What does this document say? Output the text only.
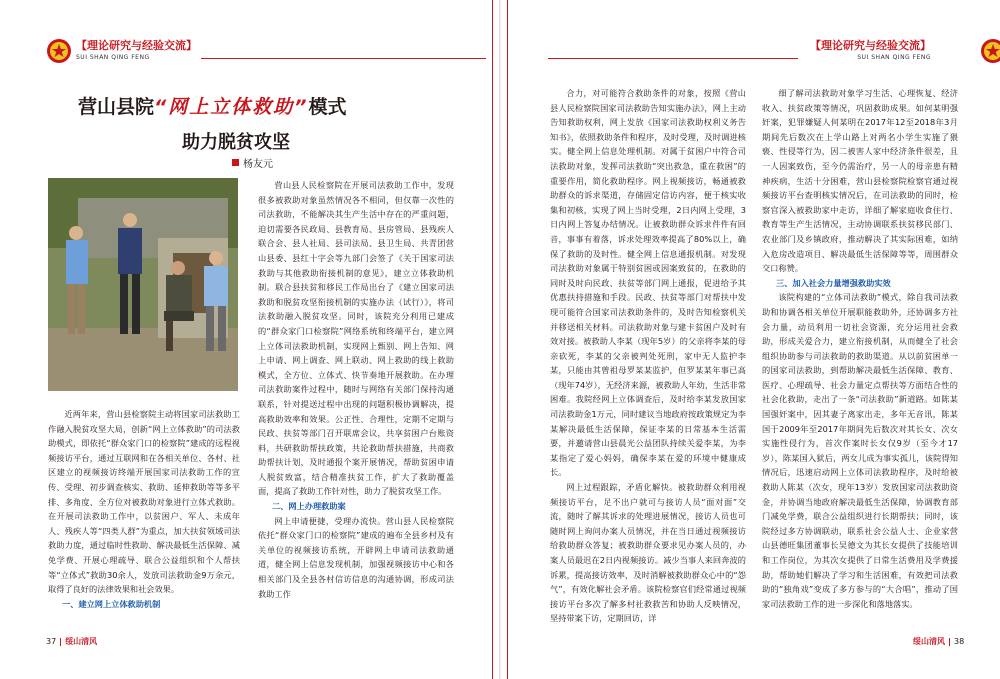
【理论研究与经验交流】
SUI SHAN QING FENG
营山县院“网上立体救助”模式
助力脱贫攻坚
杨友元

近两年来，营山县检察院主动将国家司法救助工作融入脱贫攻坚大局，创新“网上立体救助”的司法救助模式，即依托“群众家门口的检察院”建成的远程视频接访平台，通过互联网和在各相关单位、各村、社区建立的视频接访终端开展国家司法救助工作的宣传、受理、初步调查核实、救助、延伸救助等等多平排、多角度、全方位对被救助对象进行立体式救助。在开展司法救助工作中，以贫困户、军人、未成年人、残疾人等“四类人群”为重点，加大扶贫领域司法救助力度，通过临时性救助、解决最低生活保障、减免学费、开展心理疏导、联合公益组织和个人帮扶等“立体式”救助30余人，发放司法救助金9万余元，取得了良好的法律效果和社会效果。

一、建立网上立体救助机制

营山县人民检察院在开展司法救助工作中，发现很多被救助对象虽然情况各不相同，但仅靠一次性的司法救助，不能解决其生产生活中存在的严重问题，迫切需要各民政局、县教育局、县房管局、县残疾人联合会、县人社局、县司法局、县卫生局、共青团营山县委、县红十字会等九部门会签了《关于国家司法救助与其他救助衔接机制的意见》，建立立体救助机制。联合县扶贫和移民工作局出台了《建立国家司法救助和脱贫攻坚衔接机制的实施办法（试行）》，将司法救助融入脱贫攻坚。同时，该院充分利用已建成的“群众家门口检察院”网络系统和终端平台，建立网上立体司法救助机制，实现网上甄别、网上告知、网上申请、网上调查、网上联动、网上救助的线上救助模式，全方位、立体式、快节奏地开展救助。在办理司法救助案件过程中，随时与网络有关部门保持沟通联系，针对提送过程中出现的问题积极协调解决，提高救助效率和效果。公正性、合理性，定期不定期与民政、扶贫等部门召开联席会议，共享贫困户台账资料，共研救助帮扶政策，共论救助帮扶措施，共商救助帮扶计划，及时通报个案开展情况，帮助贫困申请人脱贫致富，结合精准扶贫工作，扩大了救助覆盖面，提高了救助工作针对性，助力了脱贫攻坚工作。

二、网上办理救助案

网上申请便捷，受理办流快。营山县人民检察院依托“群众家门口的检察院”建成的遍布全县乡村及有关单位的视频接访系统，开辟网上申请司法救助通道，健全网上信息发现机制，加强视频接访中心和各相关部门及全县各村信访信息的沟通协调，形成司法救助工作

37 绥山清风
【理论研究与经验交流】
SUI SHAN QING FENG

合力，对可能符合救助条件的对象，按照《营山县人民检察院国家司法救助告知实施办法》，网上主动告知救助权利，网上发放《国家司法救助权利义务告知书》，依照救助条件和程序，及时受理，及时调进核实。健全网上信息处理机制。对属于贫困户中符合司法救助对象，发挥司法救助“突出救急，重在救困”的重要作用，简化救助程序。网上视频接访，畅通被救助群众的诉求渠道，存储固定信访内容，便于核实收集和初核，实现了网上当时受理，2日内网上受理，3日内网上答复办结情况。让被救助群众诉求件件有回音，事事有着落，诉求处理效率提高了80%以上，确保了救助的及时性。健全网上信息通报机制。对发现司法救助对象属于特别贫困或因案致贫的，在救助的同时及时向民政、扶贫等部门网上通报，促进给予其优惠扶持措施和手段。民政、扶贫等部门对帮扶中发现可能符合国家司法救助条件的，及时告知检察机关并移送相关材料。司法救助对象与建卡贫困户及时有效对接。被救助人李某（现年5岁）的父亲将李某的母亲砍死，李某的父亲被判处死刑，家中无人监护李某，只能由其曾祖母罗某某监护，但罗某某年事已高（现年74岁），无经济来源，被救助人年幼，生活非常困难。我院经网上立体调查后，及时给李某发放国家司法救助金1万元，同时建议当地政府按政策规定为李某解决最低生活保障，保证李某的日常基本生活需要，并邀请营山县晨光公益团队持续关爱李某，为李某指定了爱心妈妈，确保李某在爱的环境中健康成长。

网上过程跟踪，矛盾化解快。被救助群众利用视频接访平台，足不出户就可与接访人员“面对面”交流，随时了解其诉求的处理进展情况，接访人员也可随时网上询问办案人员情况，并在当日通过视频接访给救助群众答复；被救助群众要求见办案人员的，办案人员最迟在2日内视频接访。减少当事人来回奔波的诉累，提高接访效率，及时消解被救助群众心中的“怨气”，有效化解社会矛盾。该院检察官们经常通过视频接访平台多次了解多村社救救苦和协助人反映情况，坚持带案下访，定期回访，详

细了解司法救助对象学习生活、心理恢复、经济收入、扶贫政策等情况，巩固救助成果。如何某明强奸案，犯罪嫌疑人何某明在2017年12至2018年3月期间先后数次在上学山路上对两名小学生实施了猥亵、性侵等行为，因二被害人家中经济条件很差，且一人因案致伤，至今仍需治疗，另一人的母亲患有精神疾病，生活十分困难，营山县检察院检察官通过视频接访平台查明核实情况后，在司法救助的同时，检察官深入被救助家中走访，详细了解家庭收食住行、教育等生产生活情况，主动协调联系扶贫移民部门、农业部门及乡镇政府，推动解决了其实际困难，如纳入危房改造项目、解决最低生活保障等等，周围群众交口称赞。

三、加入社会力量增强救助实效

该院构建的“立体司法救助”模式，除自我司法救助和协调各相关单位开展职能救助外，还协调多方社会力量，动员利用一切社会资源，充分运用社会救助，形成关爱合力，建立衔接机制，从而健全了社会组织协助参与司法救助的救助渠道。从以前贫困单一的国家司法救助，到帮助解决最低生活保障、教育、医疗、心理疏导、社会力量定点帮扶等方面结合性的社会化救助，走出了一条“司法救助”新道路。如陈某国强奸案中，因其妻子离家出走，多年无音讯，陈某国于2009年至2017年期间先后数次对其长女、次女实施性侵行为，首次作案时长女仅9岁（至今才17岁），陈某国入狱后，两女儿成为事实孤儿，该院得知情况后，迅速启动网上立体司法救助程序，及时给被救助人陈某（次女，现年13岁）发放国家司法救助资金，并协调当地政府解决最低生活保障，协调教育部门减免学费，联合公益组织进行长期帮扶；同时，该院经过多方协调联动，联系社会公益人士、企业家营山县德旺集团董事长吴德文为其长女提供了技能培训和工作岗位，为其次女提供了日常生活费用及学费援助，帮助她们解决了学习和生活困难，有效把司法救助的“独角戏”变成了多方参与的“大合唱”，推动了国家司法救助工作的进一步深化和落地落实。

绥山清风 38
